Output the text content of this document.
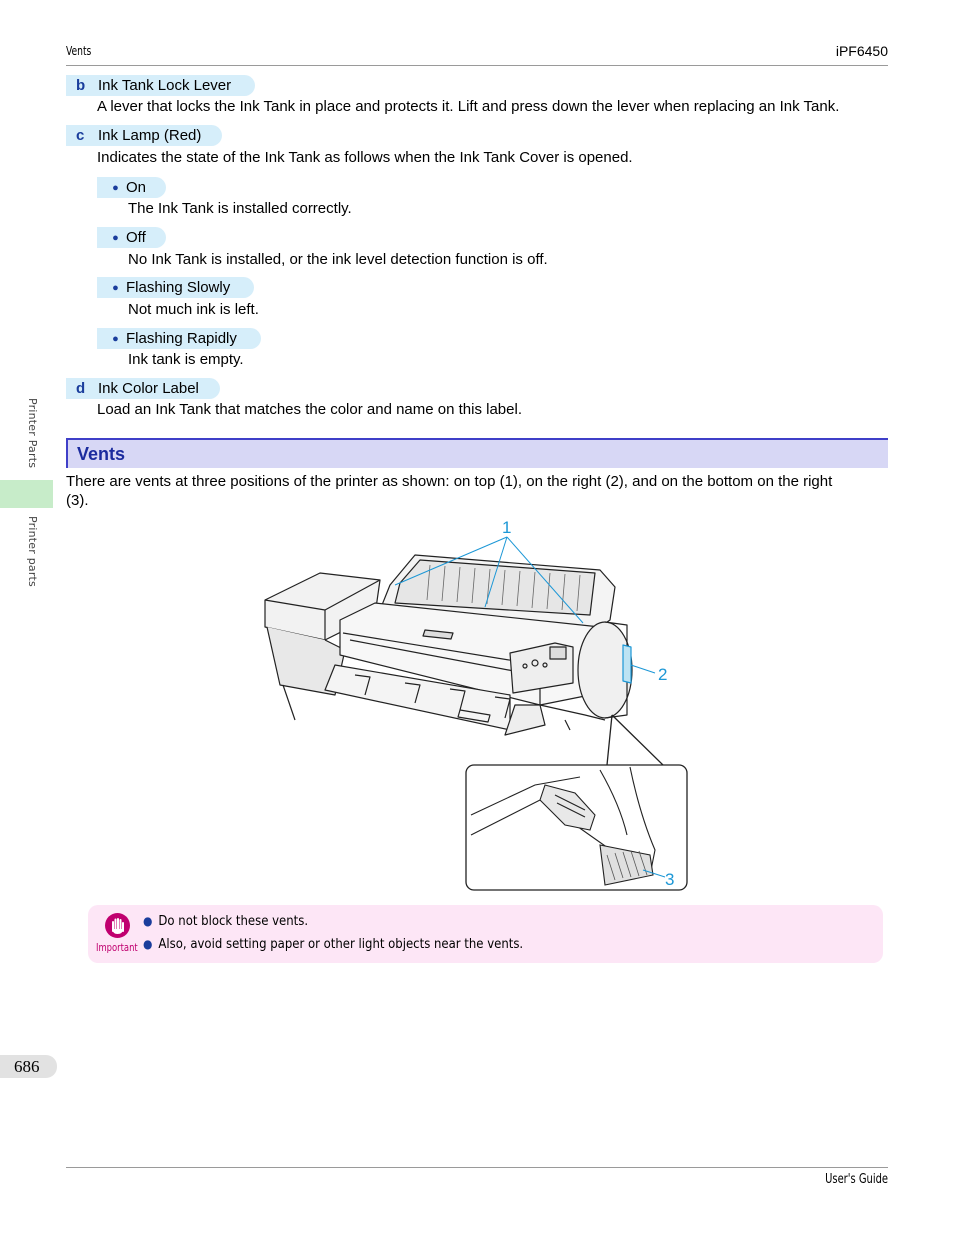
Vents	iPF6450
b Ink Tank Lock Lever
A lever that locks the Ink Tank in place and protects it. Lift and press down the lever when replacing an Ink Tank.
c Ink Lamp (Red)
Indicates the state of the Ink Tank as follows when the Ink Tank Cover is opened.
● On
The Ink Tank is installed correctly.
● Off
No Ink Tank is installed, or the ink level detection function is off.
● Flashing Slowly
Not much ink is left.
● Flashing Rapidly
Ink tank is empty.
d Ink Color Label
Load an Ink Tank that matches the color and name on this label.
Vents
There are vents at three positions of the printer as shown: on top (1), on the right (2), and on the bottom on the right
(3).
1
2
3
Important
● Do not block these vents.
● Also, avoid setting paper or other light objects near the vents.
Printer Parts
Printer parts
686
User's Guide
